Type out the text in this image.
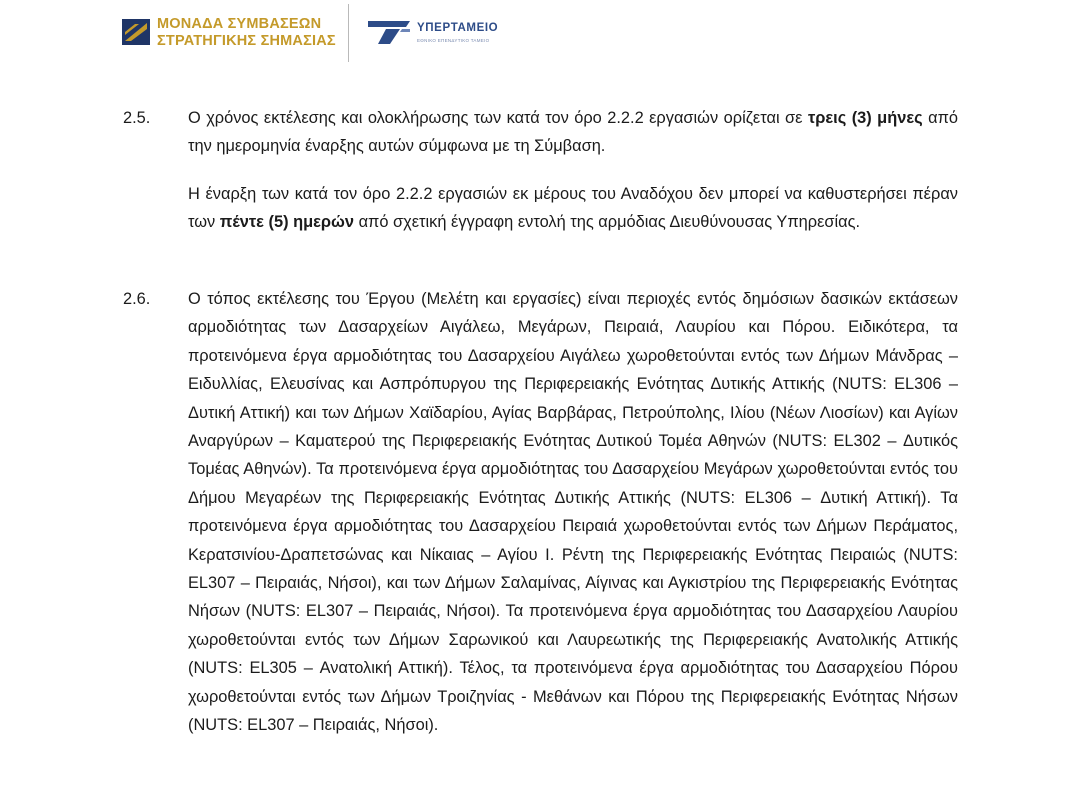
ΜΟΝΑΔΑ ΣΥΜΒΑΣΕΩΝ
ΣΤΡΑΤΗΓΙΚΗΣ ΣΗΜΑΣΙΑΣ
ΥΠΕΡΤΑΜΕΙΟ
ΕΘΝΙΚΟ ΕΠΕΝΔΥΤΙΚΟ ΤΑΜΕΙΟ
2.5. Ο χρόνος εκτέλεσης και ολοκλήρωσης των κατά τον όρο 2.2.2 εργασιών ορίζεται σε τρεις (3) μήνες από την ημερομηνία έναρξης αυτών σύμφωνα με τη Σύμβαση.
Η έναρξη των κατά τον όρο 2.2.2 εργασιών εκ μέρους του Αναδόχου δεν μπορεί να καθυστερήσει πέραν των πέντε (5) ημερών από σχετική έγγραφη εντολή της αρμόδιας Διευθύνουσας Υπηρεσίας.
2.6. Ο τόπος εκτέλεσης του Έργου (Μελέτη και εργασίες) είναι περιοχές εντός δημόσιων δασικών εκτάσεων αρμοδιότητας των Δασαρχείων Αιγάλεω, Μεγάρων, Πειραιά, Λαυρίου και Πόρου. Ειδικότερα, τα προτεινόμενα έργα αρμοδιότητας του Δασαρχείου Αιγάλεω χωροθετούνται εντός των Δήμων Μάνδρας – Ειδυλλίας, Ελευσίνας και Ασπρόπυργου της Περιφερειακής Ενότητας Δυτικής Αττικής (NUTS: EL306 – Δυτική Αττική) και των Δήμων Χαϊδαρίου, Αγίας Βαρβάρας, Πετρούπολης, Ιλίου (Νέων Λιοσίων) και Αγίων Αναργύρων – Καματερού της Περιφερειακής Ενότητας Δυτικού Τομέα Αθηνών (NUTS: EL302 – Δυτικός Τομέας Αθηνών). Τα προτεινόμενα έργα αρμοδιότητας του Δασαρχείου Μεγάρων χωροθετούνται εντός του Δήμου Μεγαρέων της Περιφερειακής Ενότητας Δυτικής Αττικής (NUTS: EL306 – Δυτική Αττική). Τα προτεινόμενα έργα αρμοδιότητας του Δασαρχείου Πειραιά χωροθετούνται εντός των Δήμων Περάματος, Κερατσινίου-Δραπετσώνας και Νίκαιας – Αγίου Ι. Ρέντη της Περιφερειακής Ενότητας Πειραιώς (NUTS: EL307 – Πειραιάς, Νήσοι), και των Δήμων Σαλαμίνας, Αίγινας και Αγκιστρίου της Περιφερειακής Ενότητας Νήσων (NUTS: EL307 – Πειραιάς, Νήσοι). Τα προτεινόμενα έργα αρμοδιότητας του Δασαρχείου Λαυρίου χωροθετούνται εντός των Δήμων Σαρωνικού και Λαυρεωτικής της Περιφερειακής Ανατολικής Αττικής (NUTS: EL305 – Ανατολική Αττική). Τέλος, τα προτεινόμενα έργα αρμοδιότητας του Δασαρχείου Πόρου χωροθετούνται εντός των Δήμων Τροιζηνίας - Μεθάνων και Πόρου της Περιφερειακής Ενότητας Νήσων (NUTS: EL307 – Πειραιάς, Νήσοι).
